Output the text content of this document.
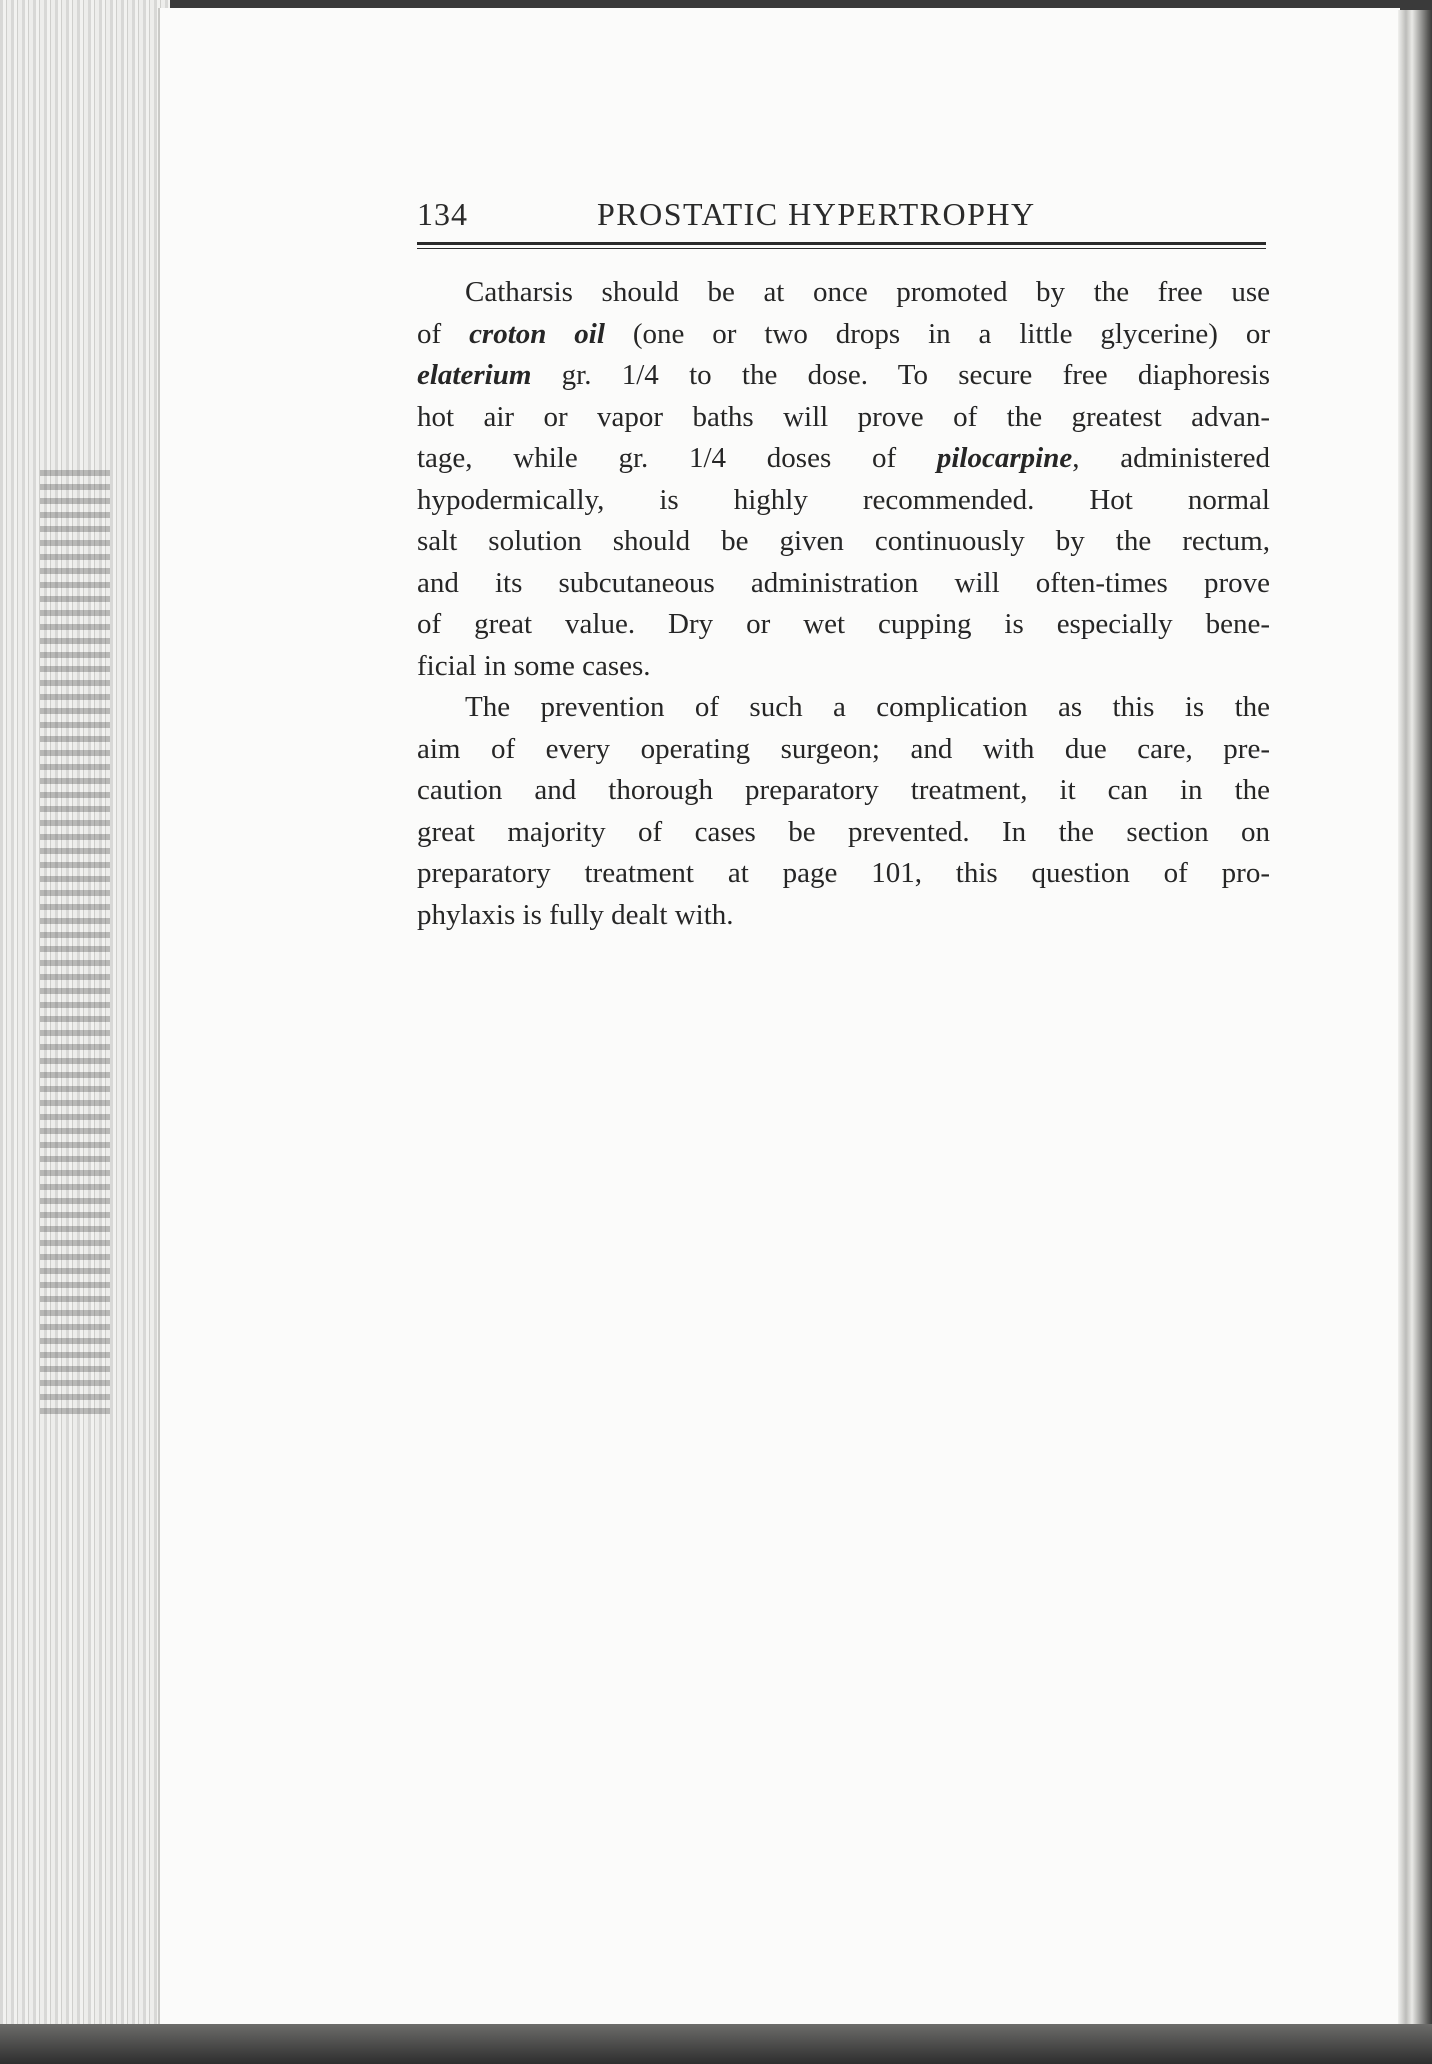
134	PROSTATIC HYPERTROPHY

Catharsis should be at once promoted by the free use
of croton oil (one or two drops in a little glycerine) or
elaterium gr. 1/4 to the dose. To secure free diaphoresis
hot air or vapor baths will prove of the greatest advan-
tage, while gr. 1/4 doses of pilocarpine, administered
hypodermically, is highly recommended. Hot normal
salt solution should be given continuously by the rectum,
and its subcutaneous administration will often-times prove
of great value. Dry or wet cupping is especially bene-
ficial in some cases.

The prevention of such a complication as this is the
aim of every operating surgeon; and with due care, pre-
caution and thorough preparatory treatment, it can in the
great majority of cases be prevented. In the section on
preparatory treatment at page 101, this question of pro-
phylaxis is fully dealt with.
